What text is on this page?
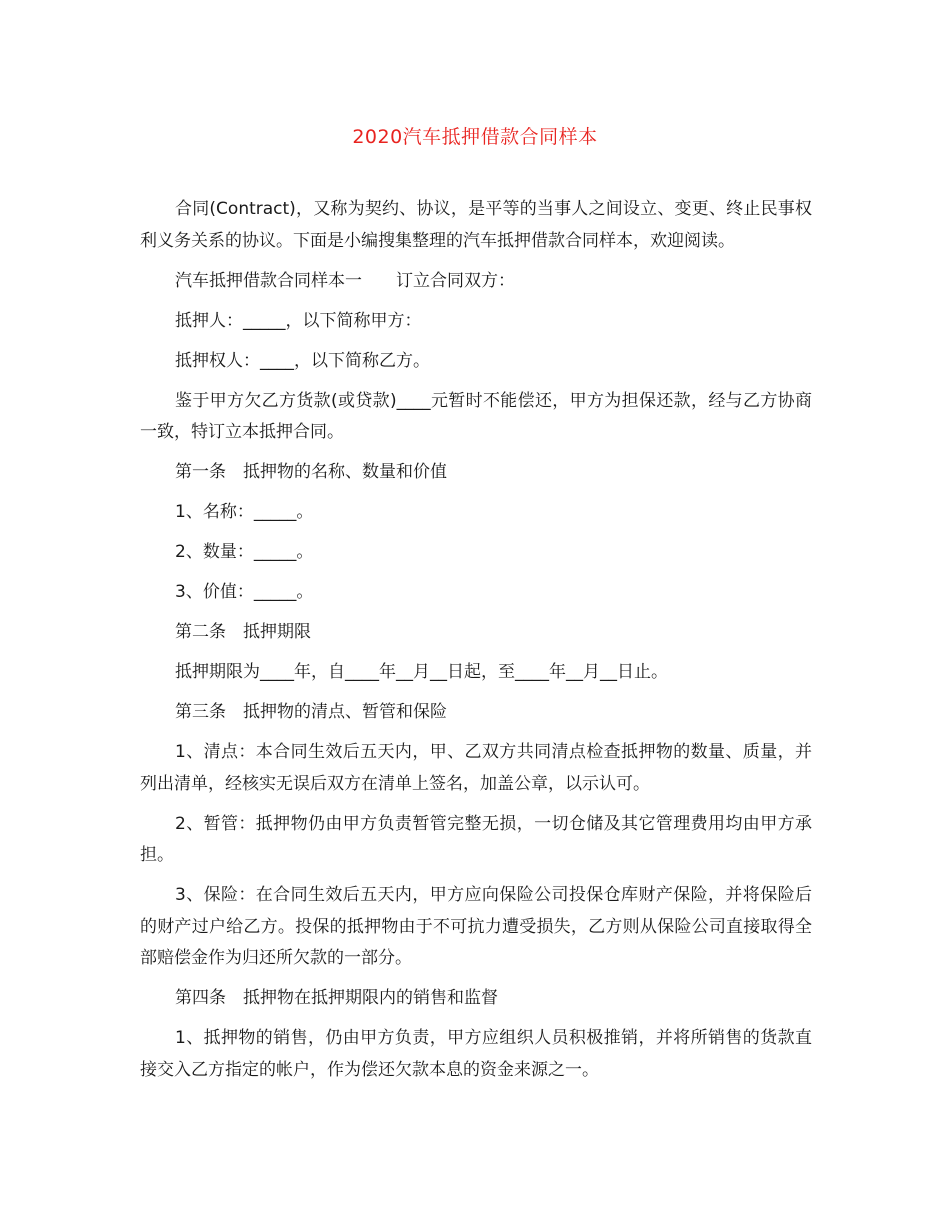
2020汽车抵押借款合同样本

合同(Contract)，又称为契约、协议，是平等的当事人之间设立、变更、终止民事权利义务关系的协议。下面是小编搜集整理的汽车抵押借款合同样本，欢迎阅读。

汽车抵押借款合同样本一　　订立合同双方：

抵押人：_____，以下简称甲方：

抵押权人：____，以下简称乙方。

鉴于甲方欠乙方货款(或贷款)____元暂时不能偿还，甲方为担保还款，经与乙方协商一致，特订立本抵押合同。

第一条　抵押物的名称、数量和价值

1、名称：_____。

2、数量：_____。

3、价值：_____。

第二条　抵押期限

抵押期限为____年，自____年__月__日起，至____年__月__日止。

第三条　抵押物的清点、暂管和保险

1、清点：本合同生效后五天内，甲、乙双方共同清点检查抵押物的数量、质量，并列出清单，经核实无误后双方在清单上签名，加盖公章，以示认可。

2、暂管：抵押物仍由甲方负责暂管完整无损，一切仓储及其它管理费用均由甲方承担。

3、保险：在合同生效后五天内，甲方应向保险公司投保仓库财产保险，并将保险后的财产过户给乙方。投保的抵押物由于不可抗力遭受损失，乙方则从保险公司直接取得全部赔偿金作为归还所欠款的一部分。

第四条　抵押物在抵押期限内的销售和监督

1、抵押物的销售，仍由甲方负责，甲方应组织人员积极推销，并将所销售的货款直接交入乙方指定的帐户，作为偿还欠款本息的资金来源之一。
